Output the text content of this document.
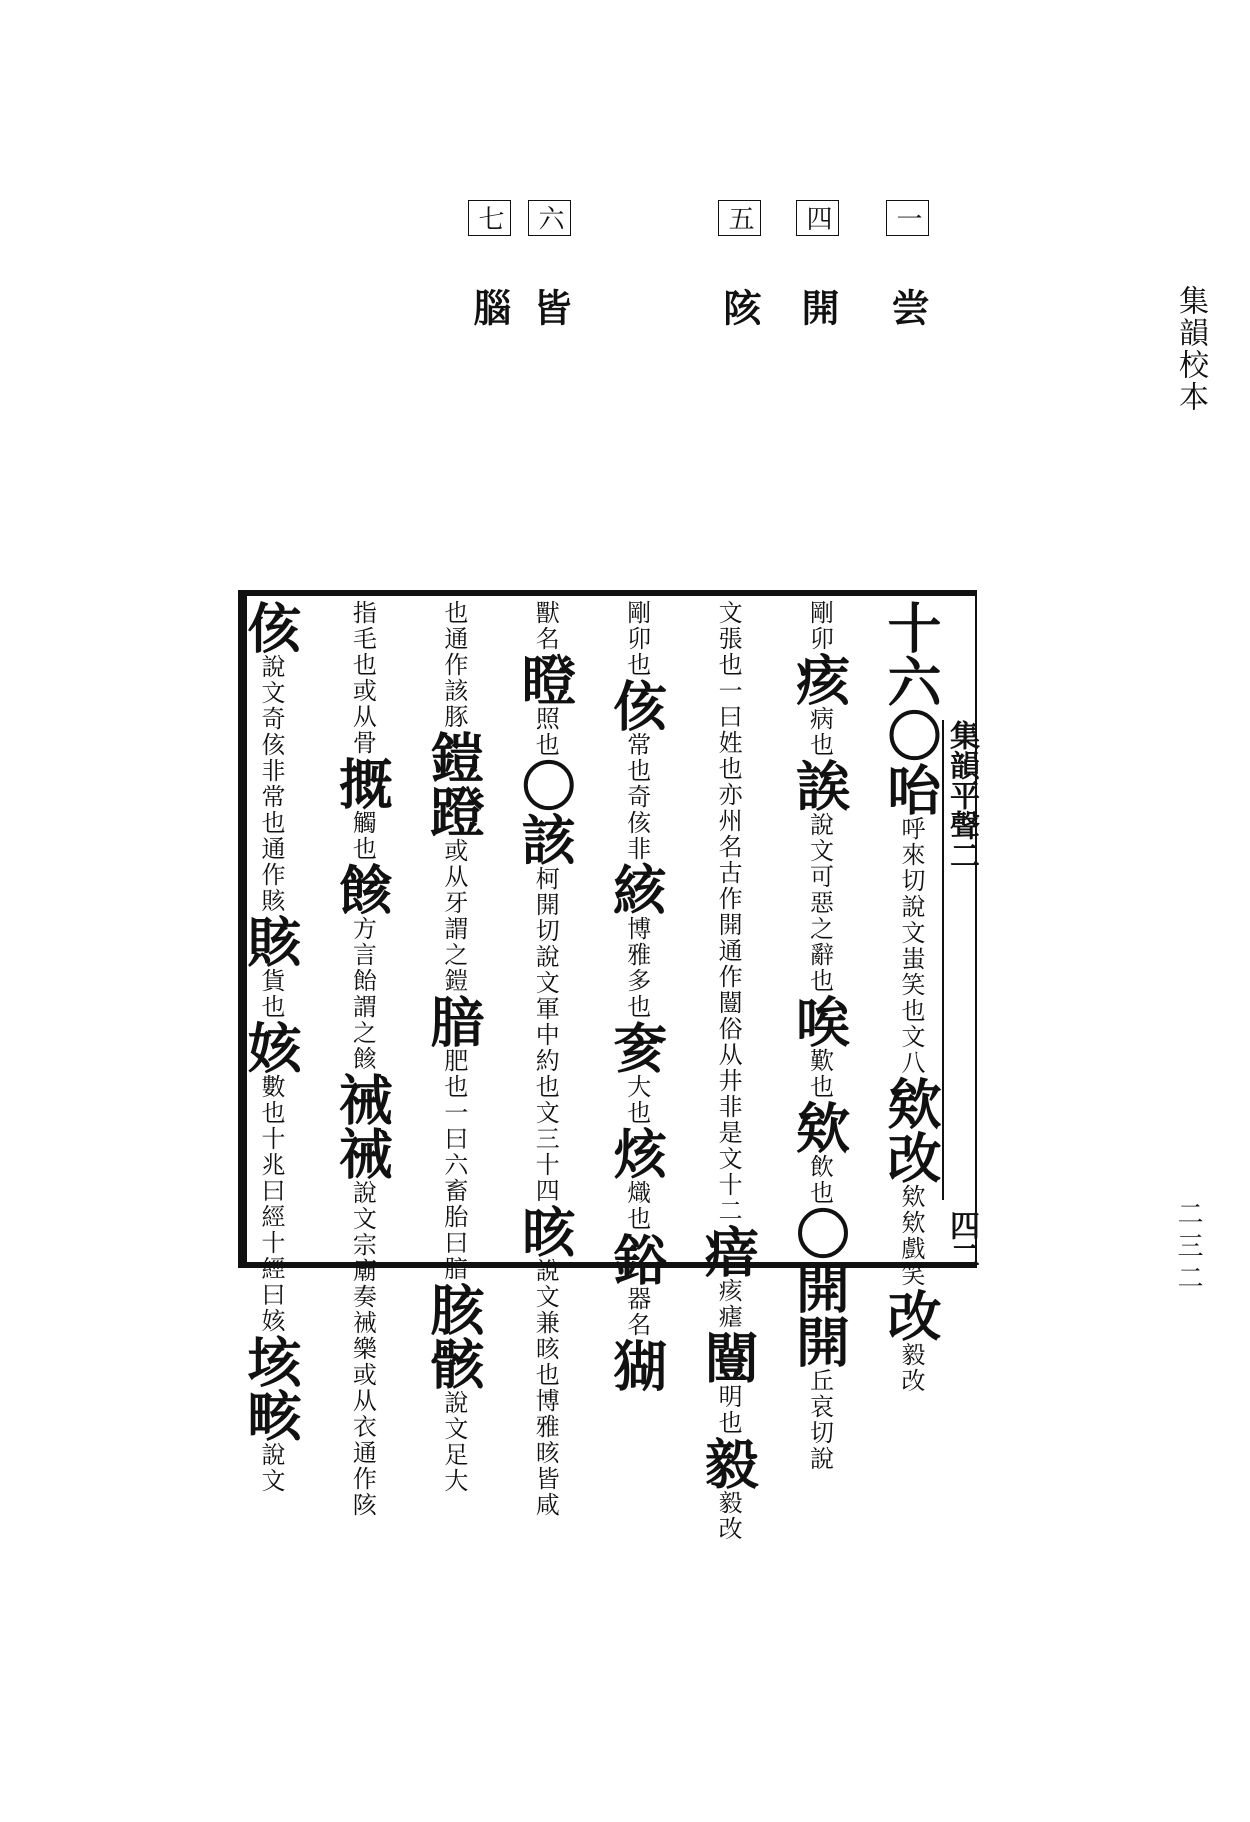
集韻校本
二三二
一 尝
四 開
五 陔
六 皆
七 腦
集韻平聲二
四二
十六〇咍呼來切說文蚩笑也文八欸改欸欸戲笑改毅改
剛卯痎病也誒說文可惡之辭也唉歎也欸飲也〇開開丘哀切說
文張也一曰姓也亦州名古作開通作闓俗从井非是文十二瘖痎瘧闓明也毅毅改
剛卯也侅常也奇侅非絯博雅多也奒大也烗熾也鋊器名猢
獸名瞪照也〇該柯開切說文軍中約也文三十四晐說文兼晐也博雅晐皆咸
也通作該豚鎧蹬或从牙謂之鎧腤肥也一曰六畜胎曰腤胲骸說文足大
指毛也或从骨摡觸也餩方言飴謂之餩祴祴說文宗廟奏祴樂或从衣通作陔
侅說文奇侅非常也通作賅賅貨也姟數也十兆曰經十經曰姟垓畡說文
